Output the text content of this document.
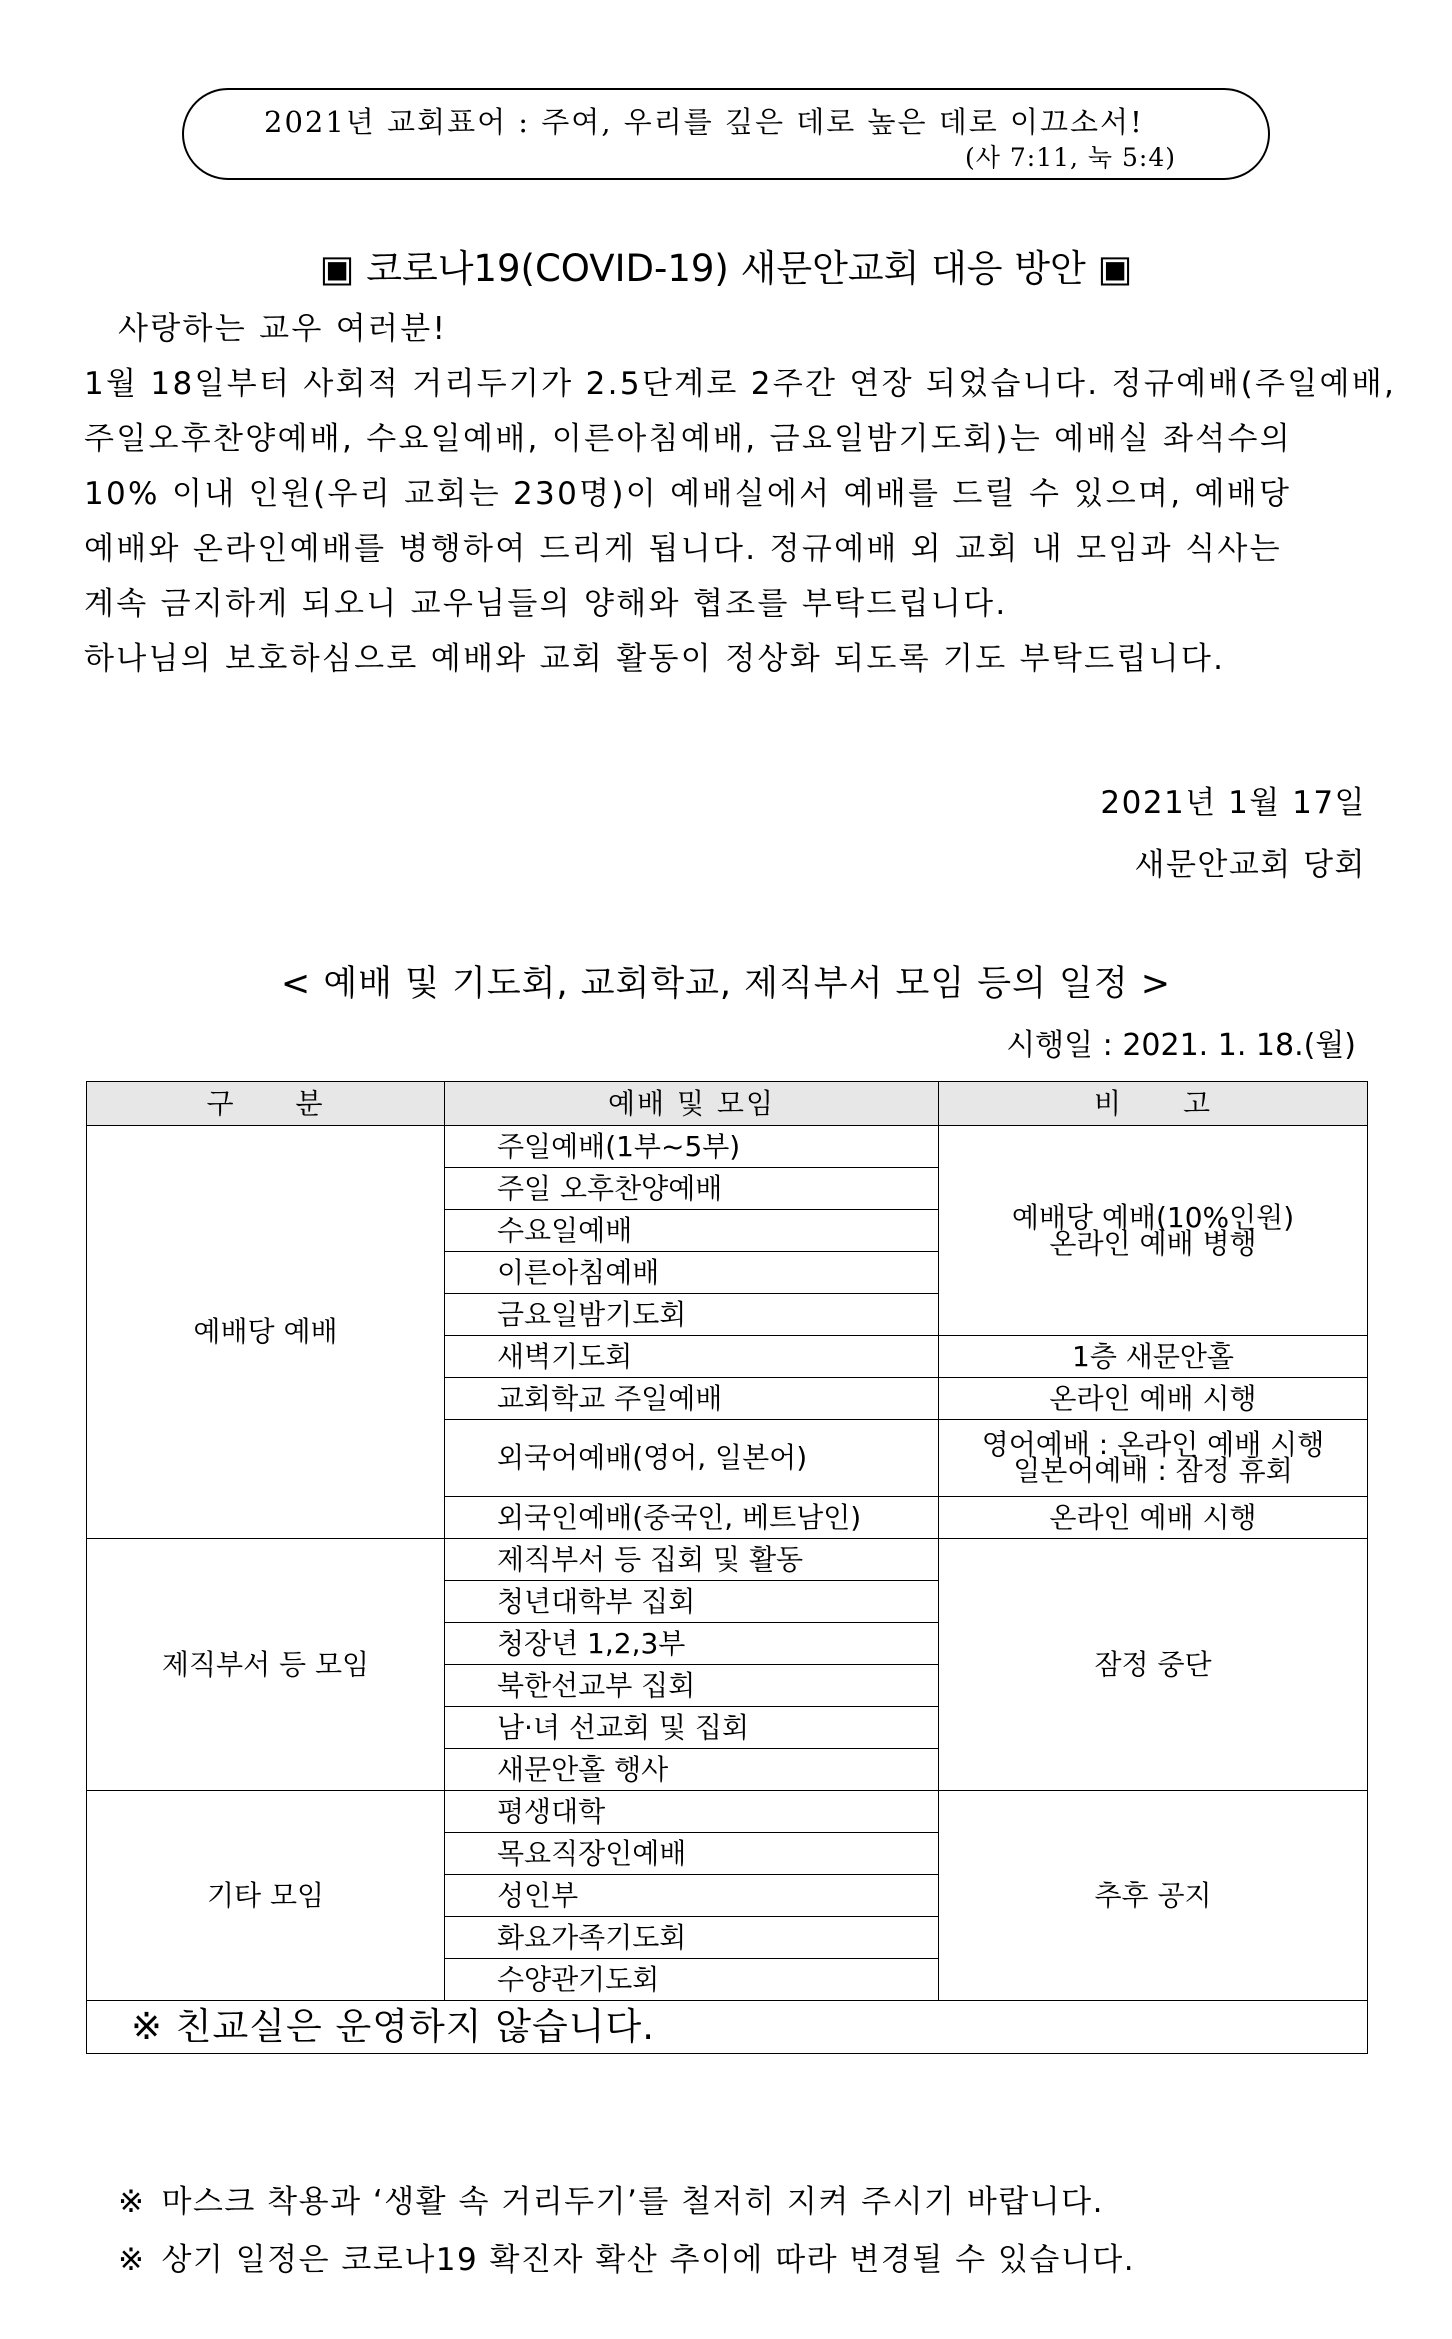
2021년 교회표어 : 주여, 우리를 깊은 데로 높은 데로 이끄소서!
(사 7:11, 눅 5:4)
▣ 코로나19(COVID-19) 새문안교회 대응 방안 ▣
사랑하는 교우 여러분!
1월 18일부터 사회적 거리두기가 2.5단계로 2주간 연장 되었습니다. 정규예배(주일예배,
주일오후찬양예배, 수요일예배, 이른아침예배, 금요일밤기도회)는 예배실 좌석수의
10% 이내 인원(우리 교회는 230명)이 예배실에서 예배를 드릴 수 있으며, 예배당
예배와 온라인예배를 병행하여 드리게 됩니다. 정규예배 외 교회 내 모임과 식사는
계속 금지하게 되오니 교우님들의 양해와 협조를 부탁드립니다.
하나님의 보호하심으로 예배와 교회 활동이 정상화 되도록 기도 부탁드립니다.
2021년 1월 17일
새문안교회 당회
< 예배 및 기도회, 교회학교, 제직부서 모임 등의 일정 >
시행일 : 2021. 1. 18.(월)
구　　분	예배 및 모임	비　　고
예배당 예배	주일예배(1부~5부)	예배당 예배(10%인원)
온라인 예배 병행

	주일 오후찬양예배	
	수요일예배	
	이른아침예배	
	금요일밤기도회	
	새벽기도회	1층 새문안홀
	교회학교 주일예배	온라인 예배 시행
	외국어예배(영어, 일본어)	영어예배 : 온라인 예배 시행
일본어예배 : 잠정 휴회

	외국인예배(중국인, 베트남인)	온라인 예배 시행
제직부서 등 모임	제직부서 등 집회 및 활동	잠정 중단
	청년대학부 집회	
	청장년 1,2,3부	
	북한선교부 집회	
	남·녀 선교회 및 집회	
	새문안홀 행사	
기타 모임	평생대학	추후 공지
	목요직장인예배	
	성인부	
	화요가족기도회	
	수양관기도회	
※ 친교실은 운영하지 않습니다.		
※ 마스크 착용과 ‘생활 속 거리두기’를 철저히 지켜 주시기 바랍니다.
※ 상기 일정은 코로나19 확진자 확산 추이에 따라 변경될 수 있습니다.
